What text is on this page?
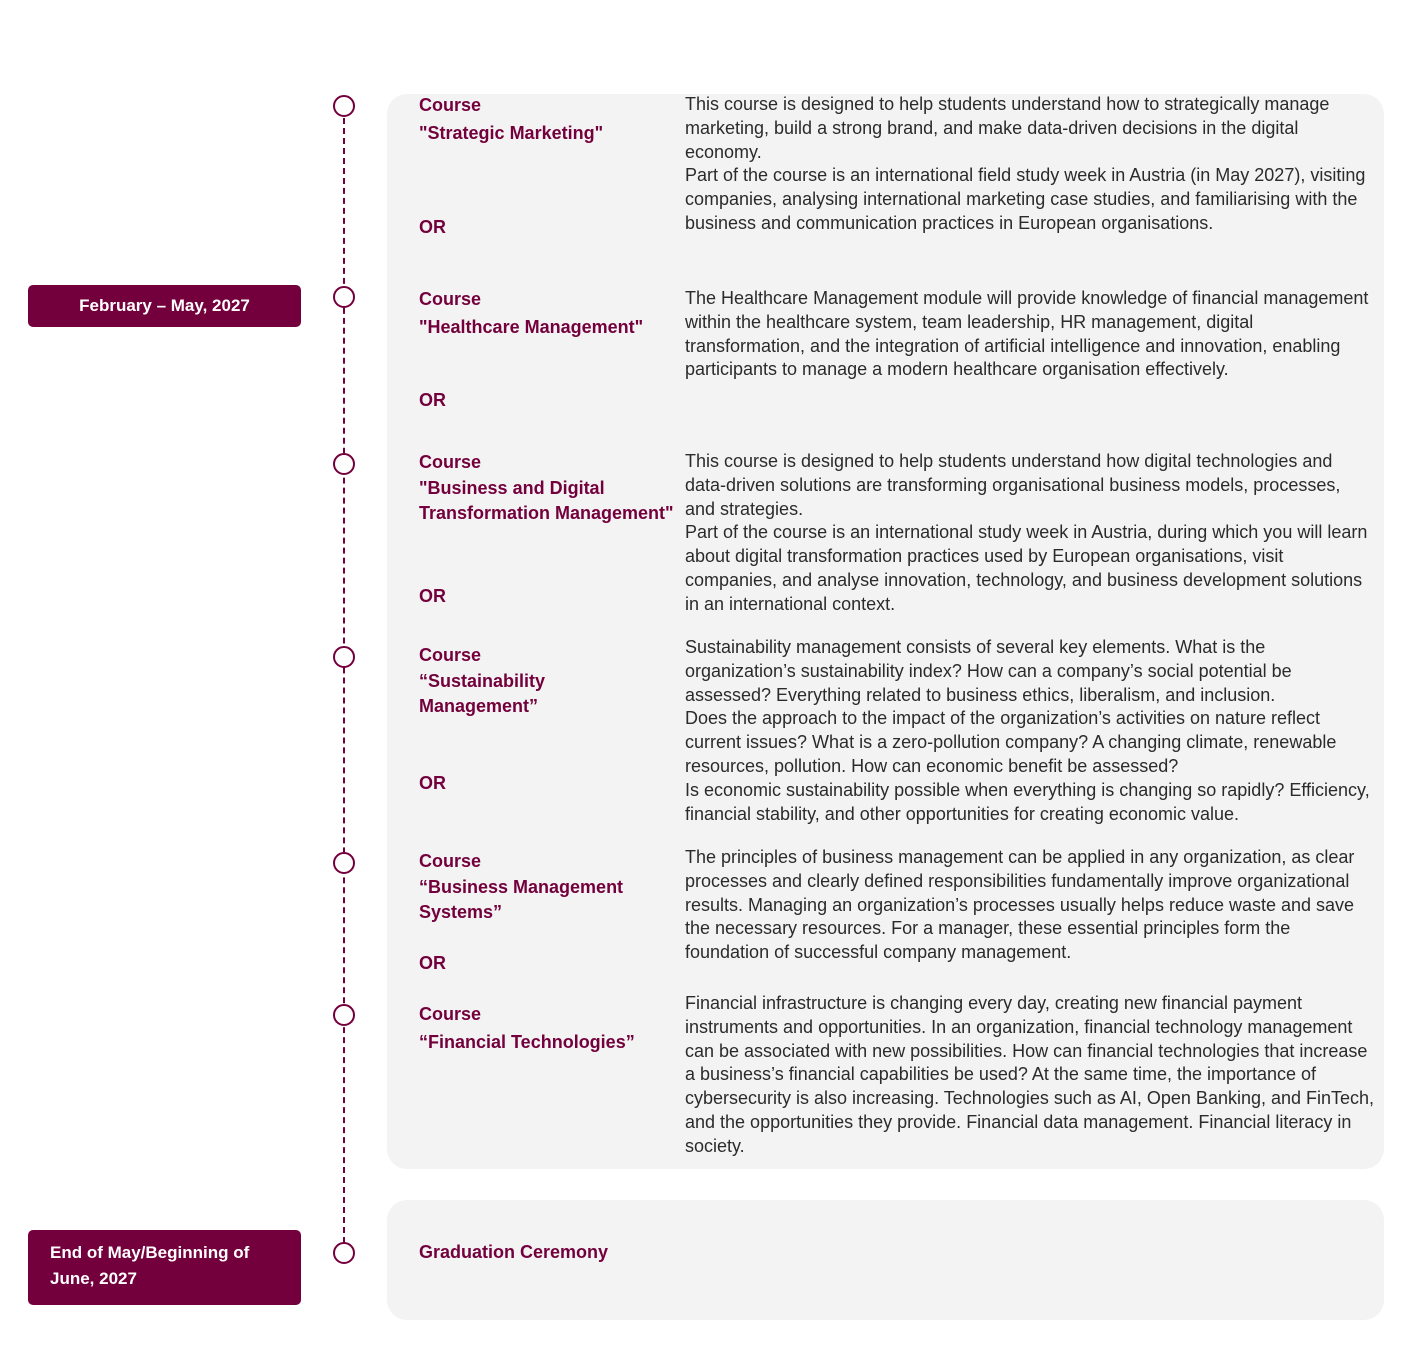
February – May, 2027
End of May/Beginning of June, 2027
Course
"Strategic Marketing"
OR

This course is designed to help students understand how to strategically manage marketing, build a strong brand, and make data-driven decisions in the digital economy.

Part of the course is an international field study week in Austria (in May 2027), visiting companies, analysing international marketing case studies, and familiarising with the business and communication practices in European organisations.

Course
"Healthcare Management"
OR

The Healthcare Management module will provide knowledge of financial management within the healthcare system, team leadership, HR management, digital transformation, and the integration of artificial intelligence and innovation, enabling participants to manage a modern healthcare organisation effectively.

Course
"Business and Digital Transformation Management"
OR

This course is designed to help students understand how digital technologies and data-driven solutions are transforming organisational business models, processes, and strategies.

Part of the course is an international study week in Austria, during which you will learn about digital transformation practices used by European organisations, visit companies, and analyse innovation, technology, and business development solutions in an international context.

Course
“Sustainability Management”
OR

Sustainability management consists of several key elements. What is the organization’s sustainability index? How can a company’s social potential be assessed? Everything related to business ethics, liberalism, and inclusion.

Does the approach to the impact of the organization’s activities on nature reflect current issues? What is a zero-pollution company? A changing climate, renewable resources, pollution. How can economic benefit be assessed?

Is economic sustainability possible when everything is changing so rapidly? Efficiency, financial stability, and other opportunities for creating economic value.

Course
“Business Management Systems”
OR

The principles of business management can be applied in any organization, as clear processes and clearly defined responsibilities fundamentally improve organizational results. Managing an organization’s processes usually helps reduce waste and save the necessary resources. For a manager, these essential principles form the foundation of successful company management.

Course
“Financial Technologies”

Financial infrastructure is changing every day, creating new financial payment instruments and opportunities. In an organization, financial technology management can be associated with new possibilities. How can financial technologies that increase a business’s financial capabilities be used? At the same time, the importance of cybersecurity is also increasing. Technologies such as AI, Open Banking, and FinTech, and the opportunities they provide. Financial data management. Financial literacy in society.

Graduation Ceremony
